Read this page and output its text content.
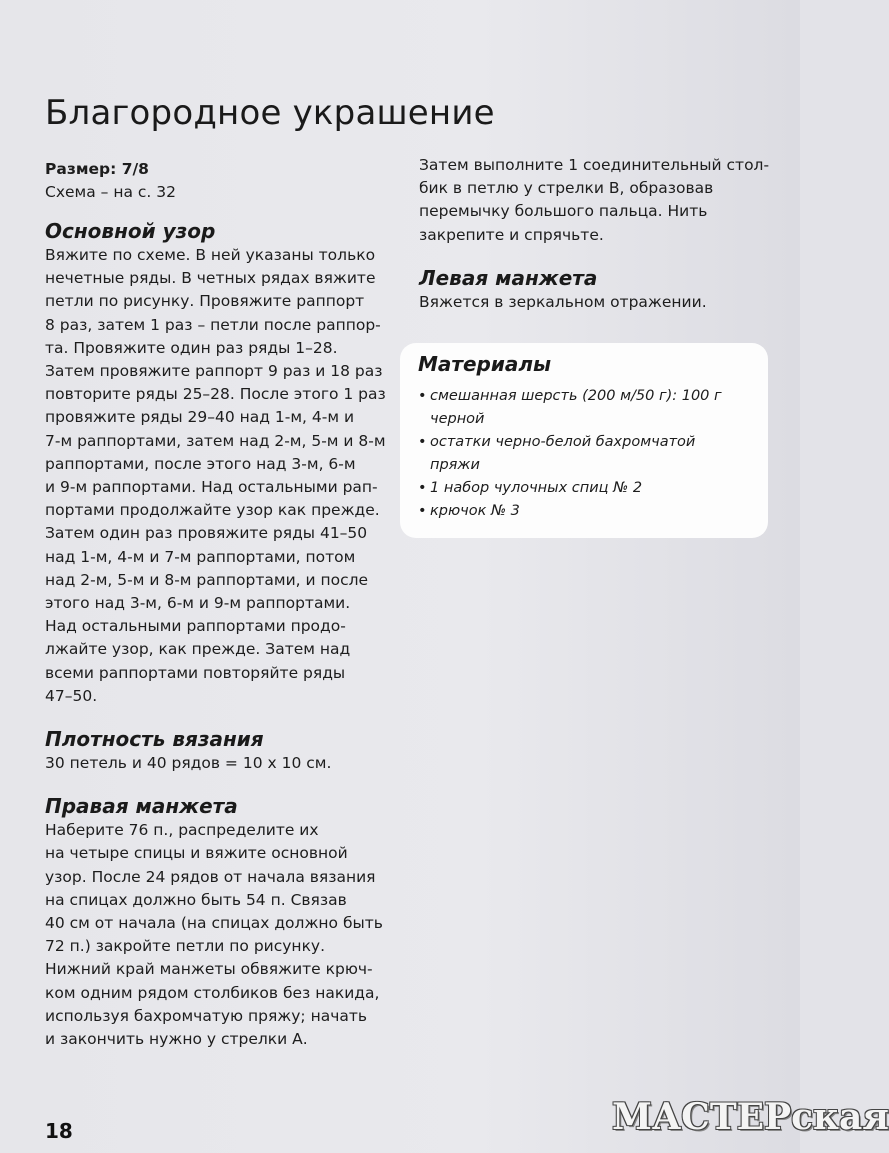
Благородное украшение

Размер: 7/8

Схема – на с. 32

Основной узор

Вяжите по схеме. В ней указаны только
нечетные ряды. В четных рядах вяжите
петли по рисунку. Провяжите раппорт
8 раз, затем 1 раз – петли после раппор-
та. Провяжите один раз ряды 1–28.
Затем провяжите раппорт 9 раз и 18 раз
повторите ряды 25–28. После этого 1 раз
провяжите ряды 29–40 над 1-м, 4-м и
7-м раппортами, затем над 2-м, 5-м и 8-м
раппортами, после этого над 3-м, 6-м
и 9-м раппортами. Над остальными рап-
портами продолжайте узор как прежде.
Затем один раз провяжите ряды 41–50
над 1-м, 4-м и 7-м раппортами, потом
над 2-м, 5-м и 8-м раппортами, и после
этого над 3-м, 6-м и 9-м раппортами.
Над остальными раппортами продо-
лжайте узор, как прежде. Затем над
всеми раппортами повторяйте ряды
47–50.

Плотность вязания

30 петель и 40 рядов = 10 х 10 см.

Правая манжета

Наберите 76 п., распределите их
на четыре спицы и вяжите основной
узор. После 24 рядов от начала вязания
на спицах должно быть 54 п. Связав
40 см от начала (на спицах должно быть
72 п.) закройте петли по рисунку.
Нижний край манжеты обвяжите крюч-
ком одним рядом столбиков без накида,
используя бахромчатую пряжу; начать
и закончить нужно у стрелки А.

Затем выполните 1 соединительный стол-
бик в петлю у стрелки В, образовав
перемычку большого пальца. Нить
закрепите и спрячьте.

Левая манжета

Вяжется в зеркальном отражении.

Материалы
• смешанная шерсть (200 м/50 г): 100 г
черной
• остатки черно-белой бахромчатой
пряжи
• 1 набор чулочных спиц № 2
• крючок № 3
18	МАСТЕРская
